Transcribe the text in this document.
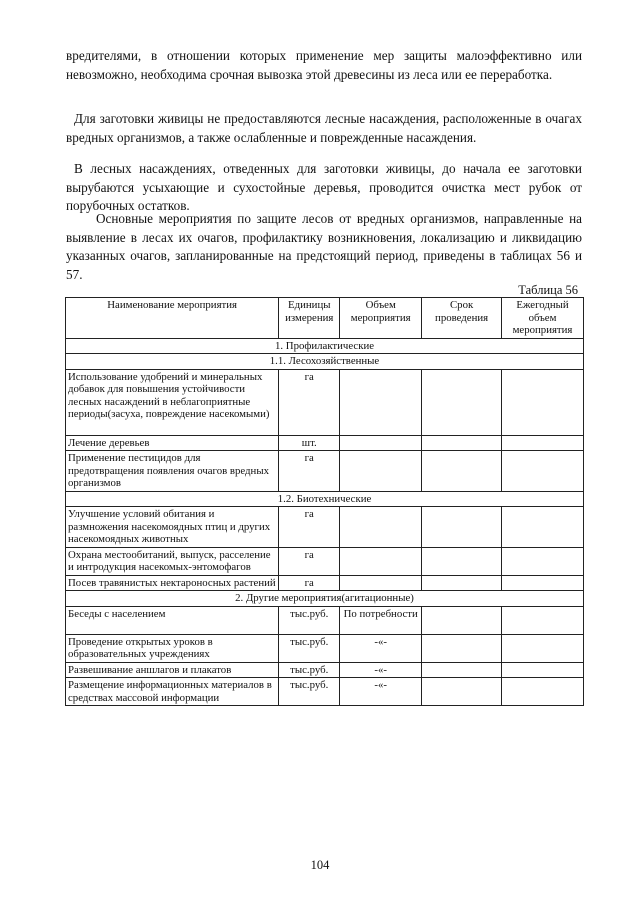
вредителями, в отношении которых применение мер защиты малоэффективно или невозможно, необходима срочная вывозка этой древесины из леса или ее переработка.

Для заготовки живицы не предоставляются лесные насаждения, расположенные в очагах вредных организмов, а также ослабленные и поврежденные насаждения.

В лесных насаждениях, отведенных для заготовки живицы, до начала ее заготовки вырубаются усыхающие и сухостойные деревья, проводится очистка мест рубок от порубочных остатков.

Основные мероприятия по защите лесов от вредных организмов, направленные на выявление в лесах их очагов, профилактику возникновения, локализацию и ликвидацию указанных очагов, запланированные на предстоящий период, приведены в таблицах 56 и 57.

Таблица 56
Наименование мероприятия	Единицы измерения	Объем мероприятия	Срок проведения	Ежегодный объем мероприятия
1. Профилактические				
1.1. Лесохозяйственные				
Использование удобрений и минеральных добавок для повышения устойчивости лесных насаждений в неблагоприятные периоды(засуха, повреждение насекомыми)	га			
Лечение деревьев	шт.			
Применение пестицидов для предотвращения появления очагов вредных организмов	га			
1.2. Биотехнические				
Улучшение условий обитания и размножения насекомоядных птиц и других насекомоядных животных	га			
Охрана местообитаний, выпуск, расселение и интродукция насекомых-энтомофагов	га			
Посев травянистых нектароносных растений	га			
2. Другие мероприятия(агитационные)				
Беседы с населением	тыс.руб.	По потребности		
Проведение открытых уроков в образовательных учреждениях	тыс.руб.	-«-		
Развешивание аншлагов и плакатов	тыс.руб.	-«-		
Размещение информационных материалов в средствах массовой информации	тыс.руб.	-«-		
104
